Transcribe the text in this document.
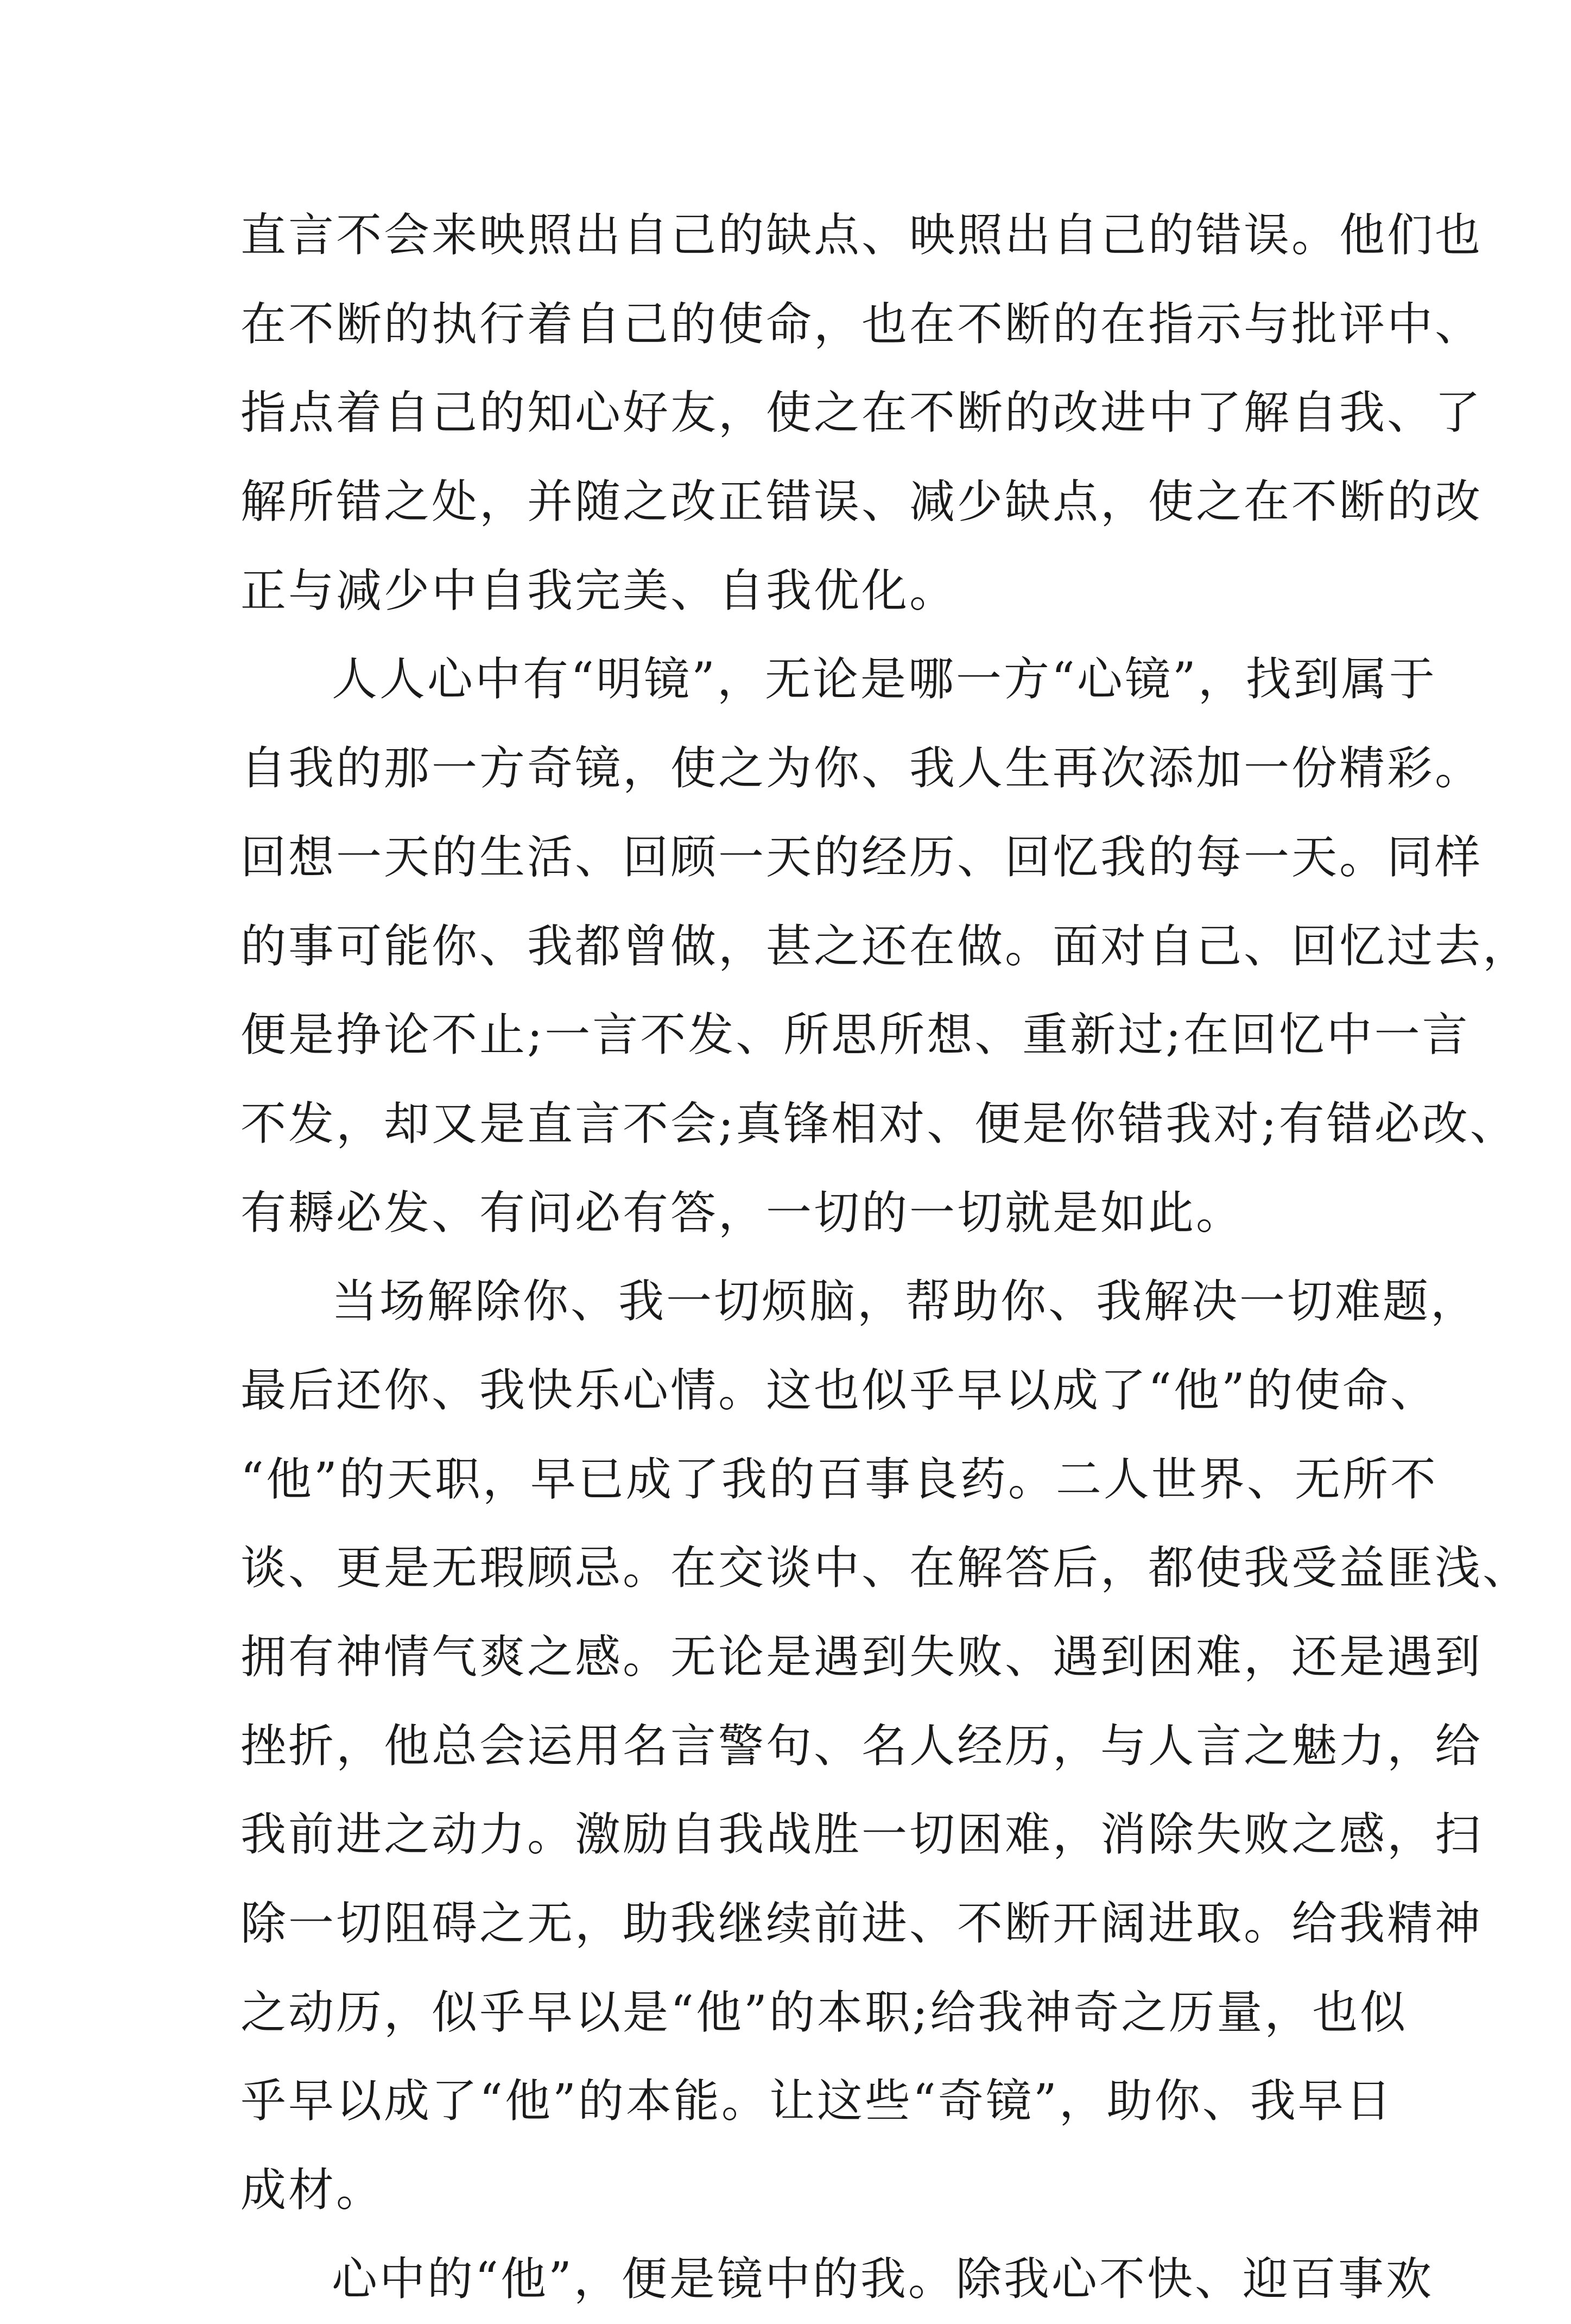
直言不会来映照出自己的缺点、映照出自己的错误。他们也
在不断的执行着自己的使命，也在不断的在指示与批评中、
指点着自己的知心好友，使之在不断的改进中了解自我、了
解所错之处，并随之改正错误、减少缺点，使之在不断的改
正与减少中自我完美、自我优化。
人人心中有“明镜”，无论是哪一方“心镜”，找到属于
自我的那一方奇镜，使之为你、我人生再次添加一份精彩。
回想一天的生活、回顾一天的经历、回忆我的每一天。同样
的事可能你、我都曾做，甚之还在做。面对自己、回忆过去，
便是挣论不止;一言不发、所思所想、重新过;在回忆中一言
不发，却又是直言不会;真锋相对、便是你错我对;有错必改、
有耨必发、有问必有答，一切的一切就是如此。
当场解除你、我一切烦脑，帮助你、我解决一切难题，
最后还你、我快乐心情。这也似乎早以成了“他”的使命、
“他”的天职，早已成了我的百事良药。二人世界、无所不
谈、更是无瑕顾忌。在交谈中、在解答后，都使我受益匪浅、
拥有神情气爽之感。无论是遇到失败、遇到困难，还是遇到
挫折，他总会运用名言警句、名人经历，与人言之魅力，给
我前进之动力。激励自我战胜一切困难，消除失败之感，扫
除一切阻碍之无，助我继续前进、不断开阔进取。给我精神
之动历，似乎早以是“他”的本职;给我神奇之历量，也似
乎早以成了“他”的本能。让这些“奇镜”，助你、我早日
成材。
心中的“他”，便是镜中的我。除我心不快、迎百事欢
